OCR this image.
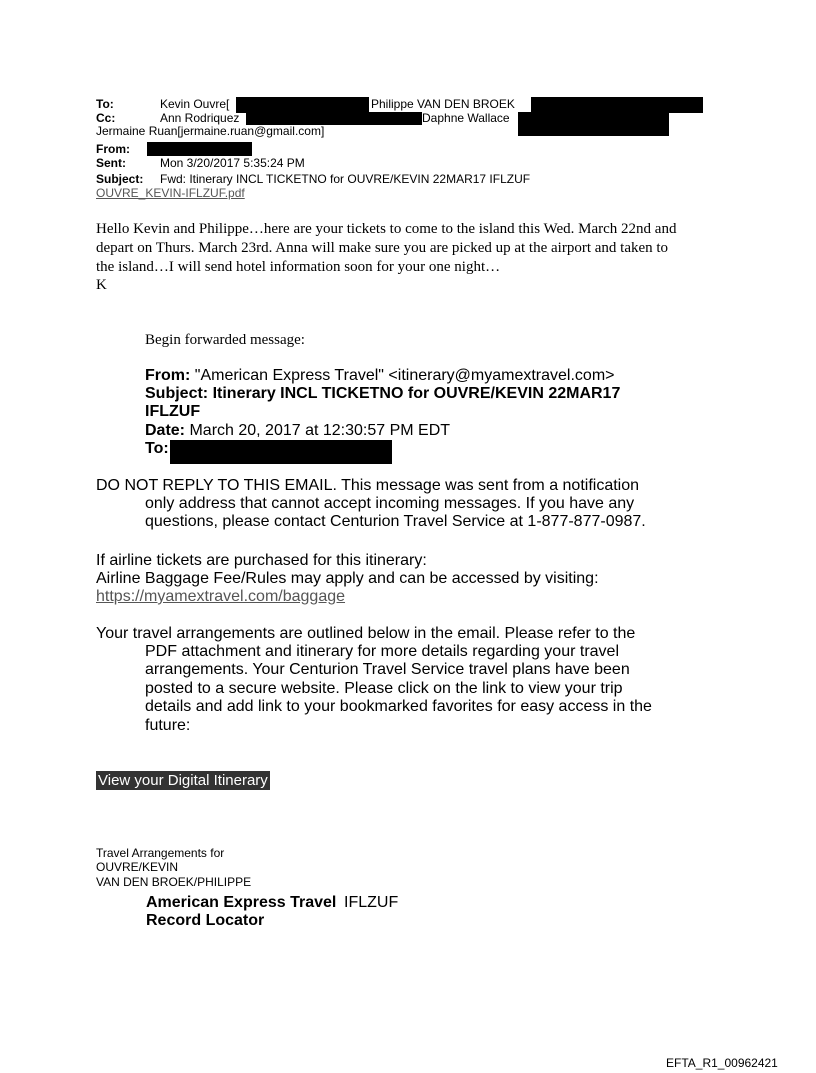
To:	Kevin Ouvre[	Philippe VAN DEN BROEK
Cc:	Ann Rodriquez	Daphne Wallace
Jermaine Ruan[jermaine.ruan@gmail.com]
From:
Sent:	Mon 3/20/2017 5:35:24 PM
Subject: Fwd: Itinerary INCL TICKETNO for OUVRE/KEVIN 22MAR17 IFLZUF
OUVRE_KEVIN-IFLZUF.pdf
Hello Kevin and Philippe…here are your tickets to come to the island this Wed. March 22nd and
depart on Thurs. March 23rd. Anna will make sure you are picked up at the airport and taken to
the island…I will send hotel information soon for your one night…
K
Begin forwarded message:
From: "American Express Travel" <itinerary@myamextravel.com>
Subject: Itinerary INCL TICKETNO for OUVRE/KEVIN 22MAR17
IFLZUF
Date: March 20, 2017 at 12:30:57 PM EDT
To:
DO NOT REPLY TO THIS EMAIL. This message was sent from a notification
only address that cannot accept incoming messages. If you have any
questions, please contact Centurion Travel Service at 1-877-877-0987.
If airline tickets are purchased for this itinerary:
Airline Baggage Fee/Rules may apply and can be accessed by visiting:
https://myamextravel.com/baggage
Your travel arrangements are outlined below in the email. Please refer to the
PDF attachment and itinerary for more details regarding your travel
arrangements. Your Centurion Travel Service travel plans have been
posted to a secure website. Please click on the link to view your trip
details and add link to your bookmarked favorites for easy access in the
future:
View your Digital Itinerary
Travel Arrangements for
OUVRE/KEVIN
VAN DEN BROEK/PHILIPPE
American Express Travel IFLZUF
Record Locator
EFTA_R1_00962421
